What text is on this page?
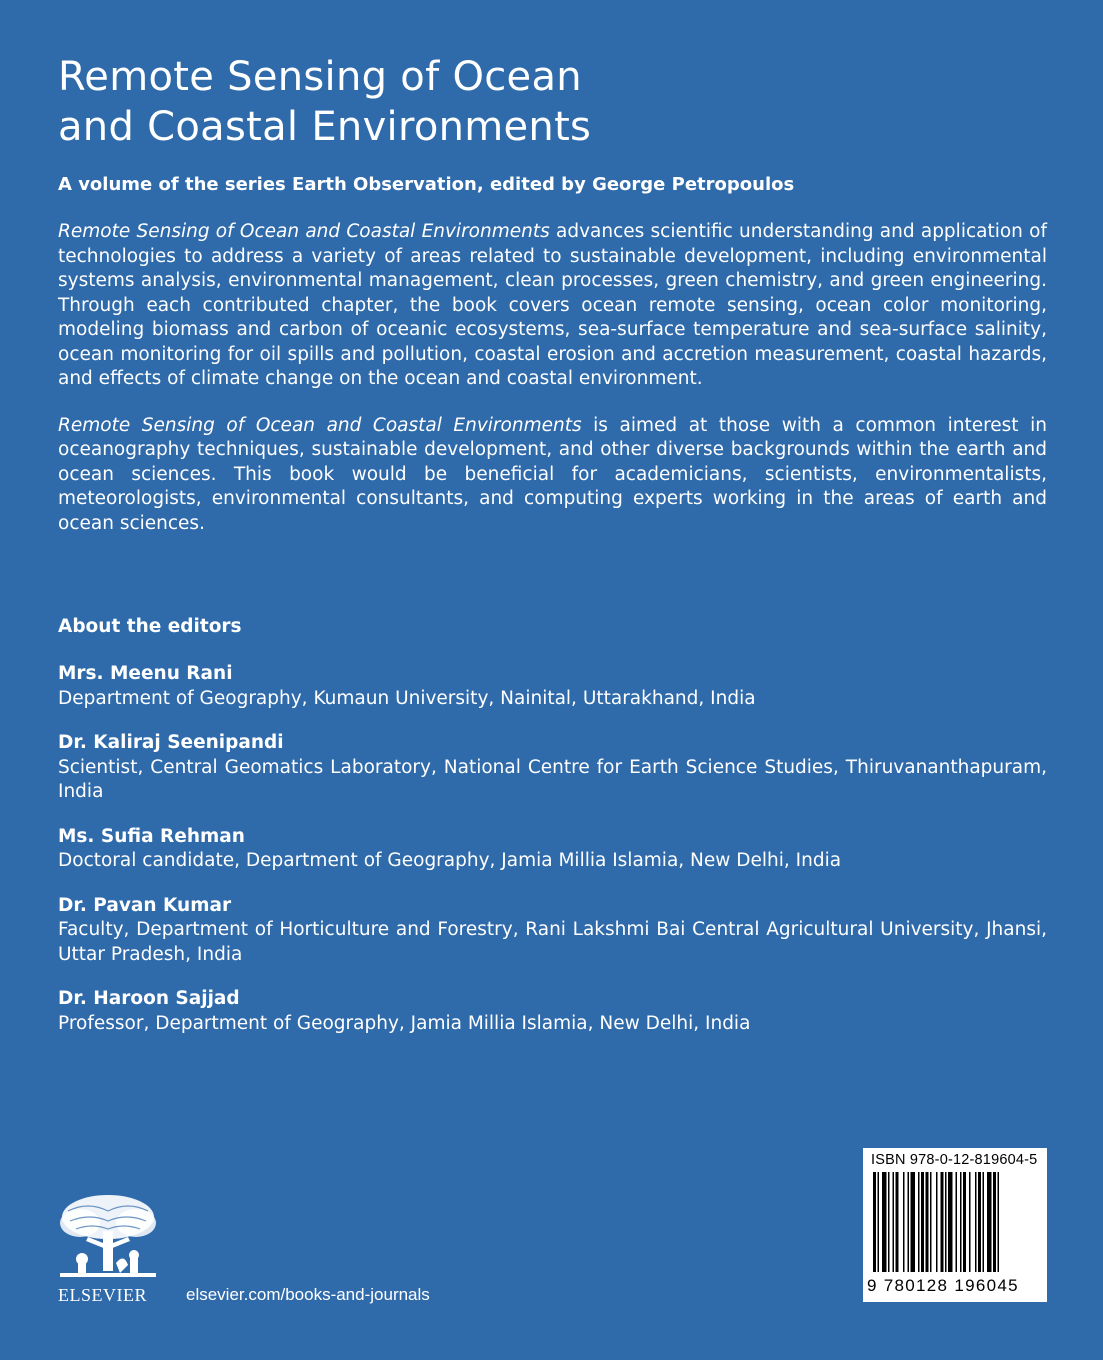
Remote Sensing of Ocean
and Coastal Environments
A volume of the series Earth Observation, edited by George Petropoulos
Remote Sensing of Ocean and Coastal Environments advances scientific understanding and application of technologies to address a variety of areas related to sustainable development, including environmental systems analysis, environmental management, clean processes, green chemistry, and green engineering. Through each contributed chapter, the book covers ocean remote sensing, ocean color monitoring, modeling biomass and carbon of oceanic ecosystems, sea-surface temperature and sea-surface salinity, ocean monitoring for oil spills and pollution, coastal erosion and accretion measurement, coastal hazards, and effects of climate change on the ocean and coastal environment.
Remote Sensing of Ocean and Coastal Environments is aimed at those with a common interest in oceanography techniques, sustainable development, and other diverse backgrounds within the earth and ocean sciences. This book would be beneficial for academicians, scientists, environmentalists, meteorologists, environmental consultants, and computing experts working in the areas of earth and ocean sciences.
About the editors
Mrs. Meenu Rani
Department of Geography, Kumaun University, Nainital, Uttarakhand, India
Dr. Kaliraj Seenipandi
Scientist, Central Geomatics Laboratory, National Centre for Earth Science Studies, Thiruvananthapuram, India
Ms. Sufia Rehman
Doctoral candidate, Department of Geography, Jamia Millia Islamia, New Delhi, India
Dr. Pavan Kumar
Faculty, Department of Horticulture and Forestry, Rani Lakshmi Bai Central Agricultural University, Jhansi, Uttar Pradesh, India
Dr. Haroon Sajjad
Professor, Department of Geography, Jamia Millia Islamia, New Delhi, India
ELSEVIER elsevier.com/books-and-journals
ISBN 978-0-12-819604-5
9 780128 196045
